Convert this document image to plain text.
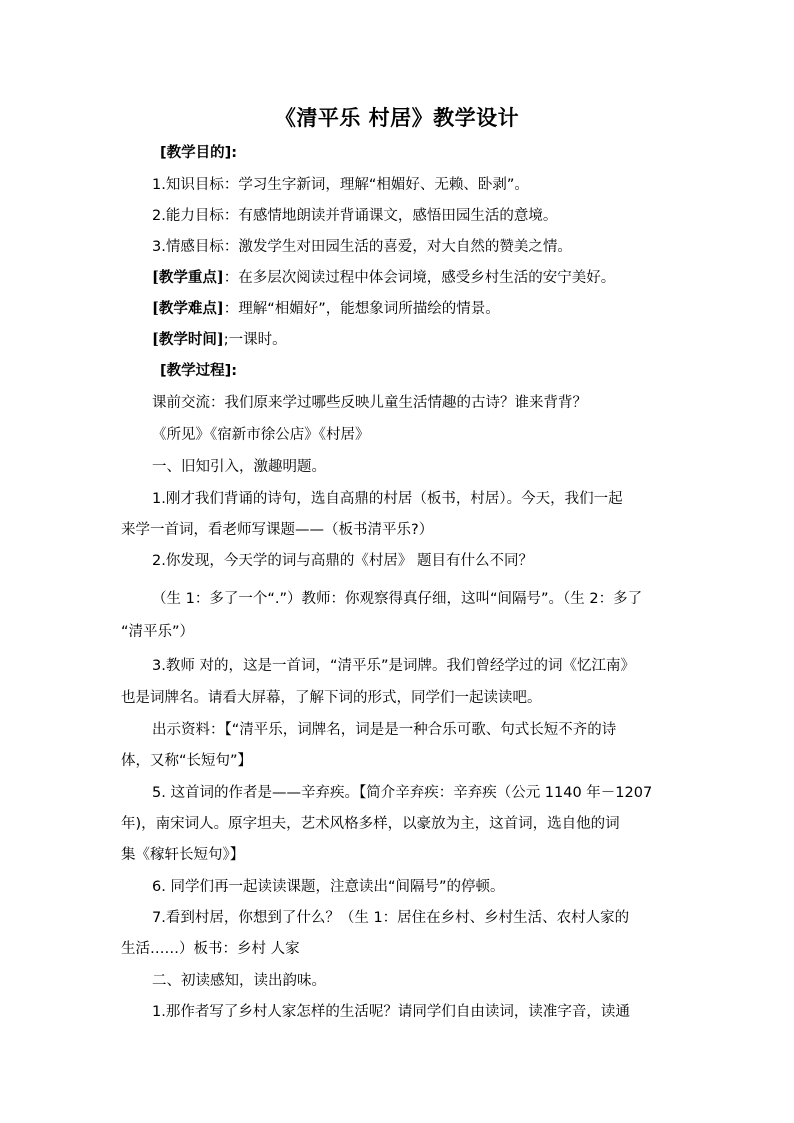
《清平乐 村居》教学设计
[教学目的]:
1.知识目标：学习生字新词，理解“相媚好、无赖、卧剥”。
2.能力目标：有感情地朗读并背诵课文，感悟田园生活的意境。
3.情感目标：激发学生对田园生活的喜爱，对大自然的赞美之情。
[教学重点]：在多层次阅读过程中体会词境，感受乡村生活的安宁美好。
[教学难点]：理解“相媚好”，能想象词所描绘的情景。
[教学时间];一课时。
[教学过程]:
课前交流：我们原来学过哪些反映儿童生活情趣的古诗？谁来背背？
《所见》《宿新市徐公店》《村居》
一、旧知引入，激趣明题。
1.刚才我们背诵的诗句，选自高鼎的村居（板书，村居）。今天，我们一起
来学一首词，看老师写课题——（板书清平乐?）
2.你发现，今天学的词与高鼎的《村居》 题目有什么不同？
（生 1：多了一个“.”）教师：你观察得真仔细，这叫“间隔号”。（生 2：多了
“清平乐”）
3.教师 对的，这是一首词，“清平乐”是词牌。我们曾经学过的词《忆江南》
也是词牌名。请看大屏幕，了解下词的形式，同学们一起读读吧。
出示资料：【“清平乐，词牌名，词是是一种合乐可歌、句式长短不齐的诗
体，又称“长短句”】
5. 这首词的作者是——辛弃疾。【简介辛弃疾：辛弃疾（公元 1140 年－1207
年)，南宋词人。原字坦夫，艺术风格多样，以豪放为主，这首词，选自他的词
集《稼轩长短句》】
6. 同学们再一起读读课题，注意读出“间隔号”的停顿。
7.看到村居，你想到了什么？（生 1：居住在乡村、乡村生活、农村人家的
生活……）板书：乡村 人家
二、初读感知，读出韵味。
1.那作者写了乡村人家怎样的生活呢？请同学们自由读词，读准字音，读通
